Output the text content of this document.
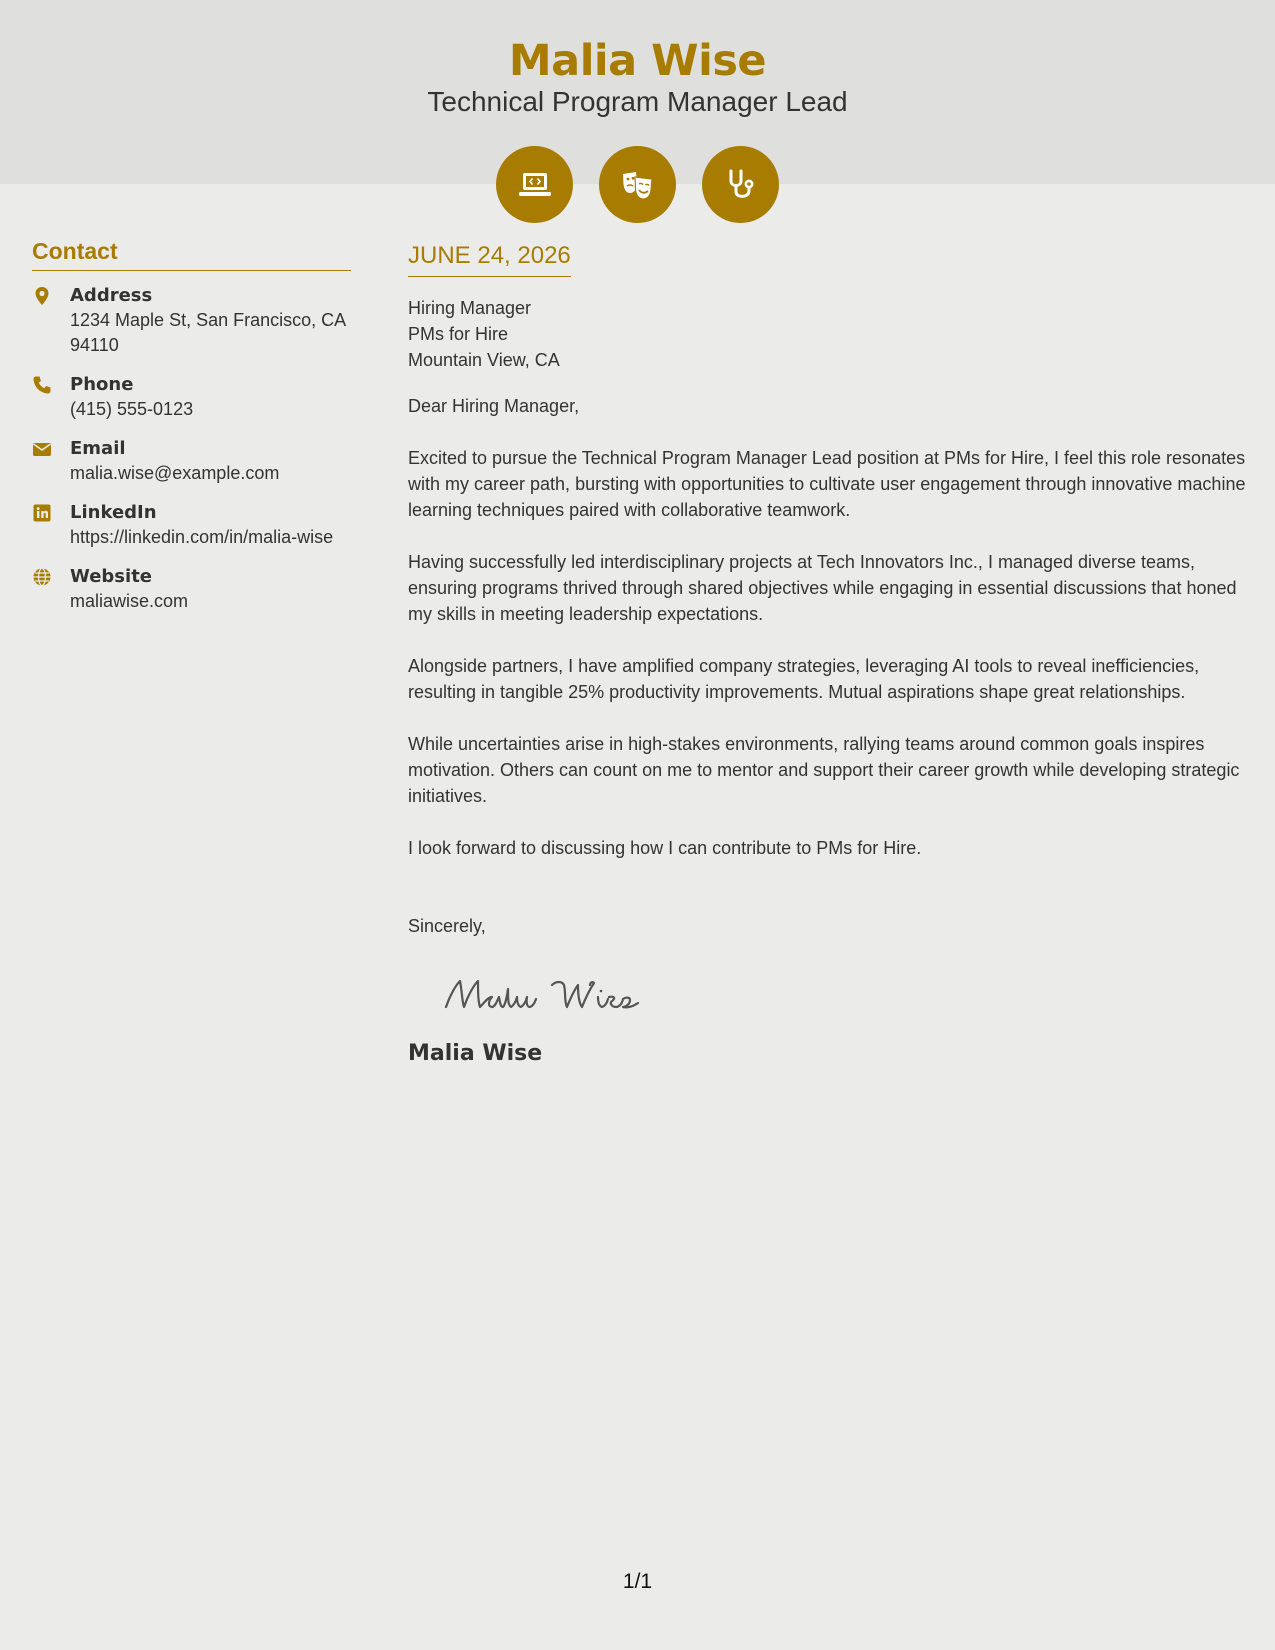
Malia Wise
Technical Program Manager Lead
Contact
Address
1234 Maple St, San Francisco, CA 94110
Phone
(415) 555-0123
Email
malia.wise@example.com
LinkedIn
https://linkedin.com/in/malia-wise
Website
maliawise.com
JUNE 24, 2026
Hiring Manager
PMs for Hire
Mountain View, CA
Dear Hiring Manager,
Excited to pursue the Technical Program Manager Lead position at PMs for Hire, I feel this role resonates with my career path, bursting with opportunities to cultivate user engagement through innovative machine learning techniques paired with collaborative teamwork.
Having successfully led interdisciplinary projects at Tech Innovators Inc., I managed diverse teams, ensuring programs thrived through shared objectives while engaging in essential discussions that honed my skills in meeting leadership expectations.
Alongside partners, I have amplified company strategies, leveraging AI tools to reveal inefficiencies, resulting in tangible 25% productivity improvements. Mutual aspirations shape great relationships.
While uncertainties arise in high-stakes environments, rallying teams around common goals inspires motivation. Others can count on me to mentor and support their career growth while developing strategic initiatives.
I look forward to discussing how I can contribute to PMs for Hire.
Sincerely,
Malia Wise
1/1
